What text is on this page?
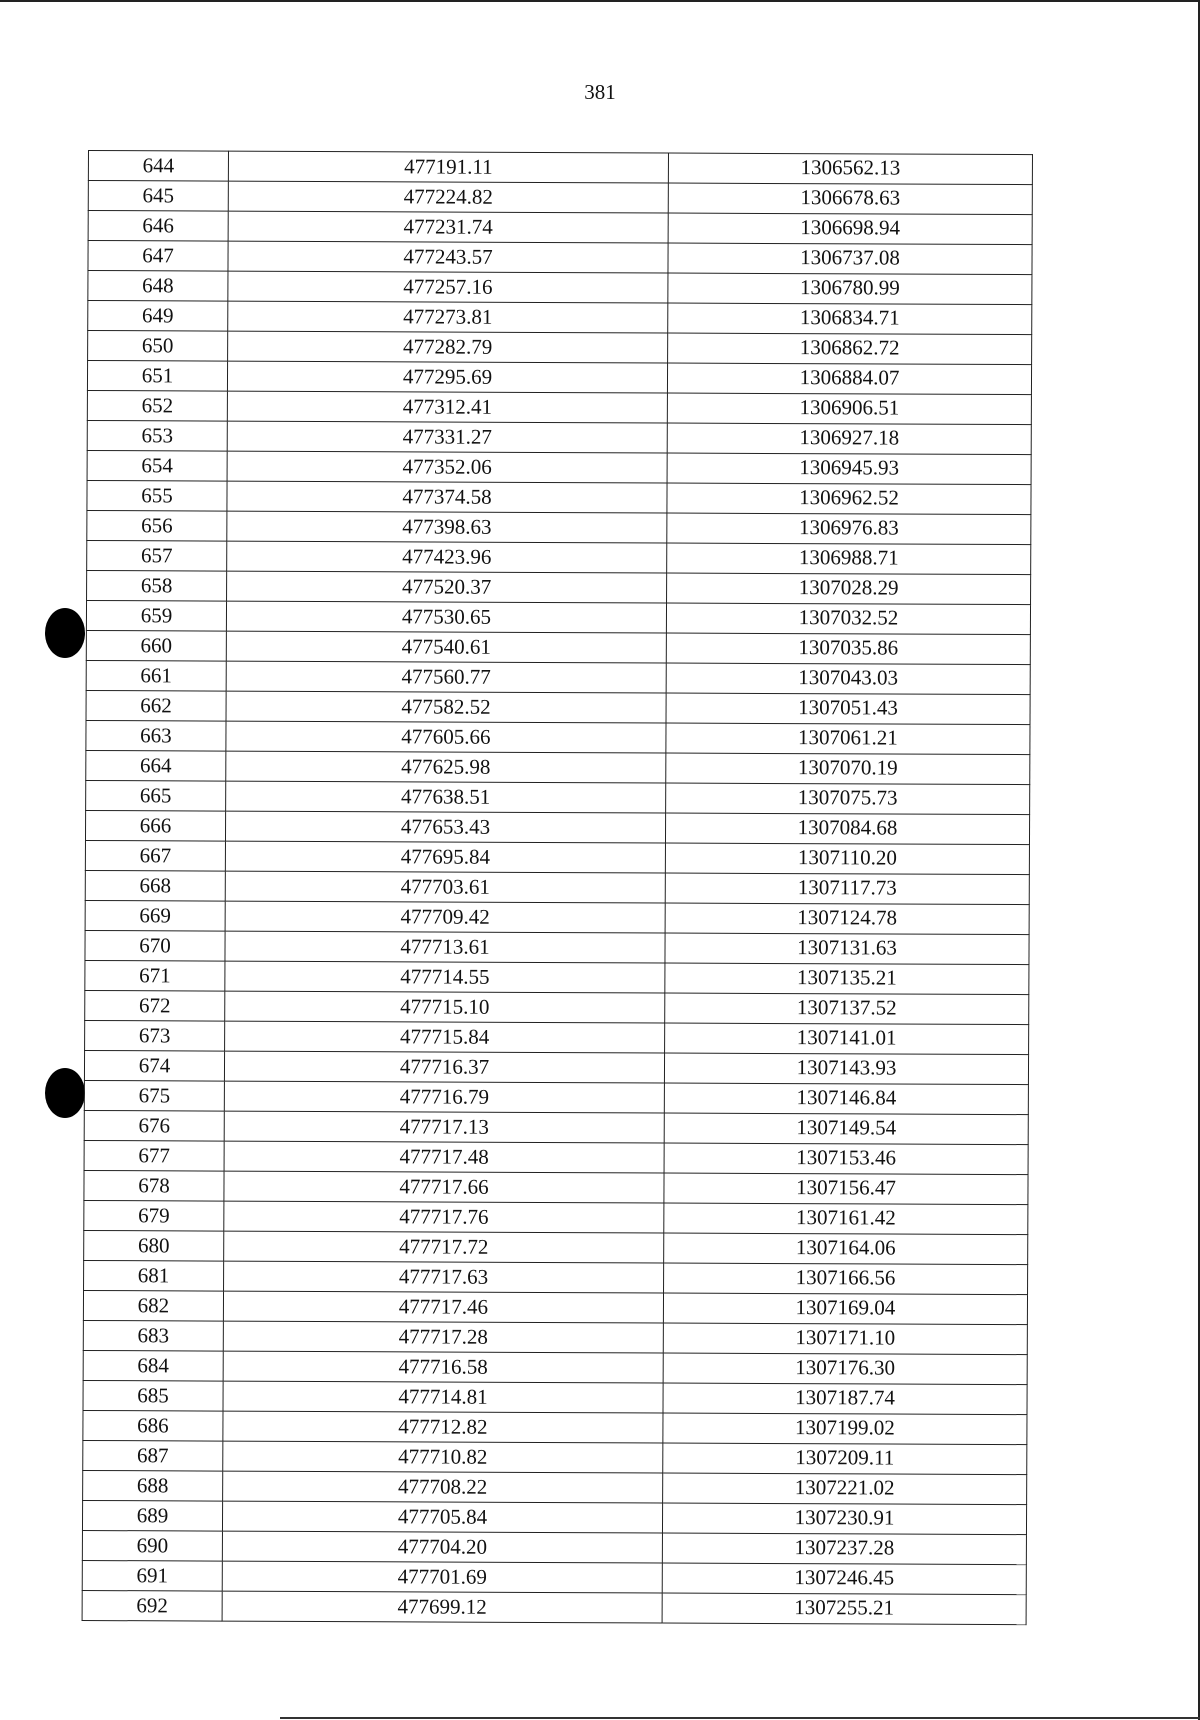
381
644	477191.11	1306562.13
645	477224.82	1306678.63
646	477231.74	1306698.94
647	477243.57	1306737.08
648	477257.16	1306780.99
649	477273.81	1306834.71
650	477282.79	1306862.72
651	477295.69	1306884.07
652	477312.41	1306906.51
653	477331.27	1306927.18
654	477352.06	1306945.93
655	477374.58	1306962.52
656	477398.63	1306976.83
657	477423.96	1306988.71
658	477520.37	1307028.29
659	477530.65	1307032.52
660	477540.61	1307035.86
661	477560.77	1307043.03
662	477582.52	1307051.43
663	477605.66	1307061.21
664	477625.98	1307070.19
665	477638.51	1307075.73
666	477653.43	1307084.68
667	477695.84	1307110.20
668	477703.61	1307117.73
669	477709.42	1307124.78
670	477713.61	1307131.63
671	477714.55	1307135.21
672	477715.10	1307137.52
673	477715.84	1307141.01
674	477716.37	1307143.93
675	477716.79	1307146.84
676	477717.13	1307149.54
677	477717.48	1307153.46
678	477717.66	1307156.47
679	477717.76	1307161.42
680	477717.72	1307164.06
681	477717.63	1307166.56
682	477717.46	1307169.04
683	477717.28	1307171.10
684	477716.58	1307176.30
685	477714.81	1307187.74
686	477712.82	1307199.02
687	477710.82	1307209.11
688	477708.22	1307221.02
689	477705.84	1307230.91
690	477704.20	1307237.28
691	477701.69	1307246.45
692	477699.12	1307255.21
